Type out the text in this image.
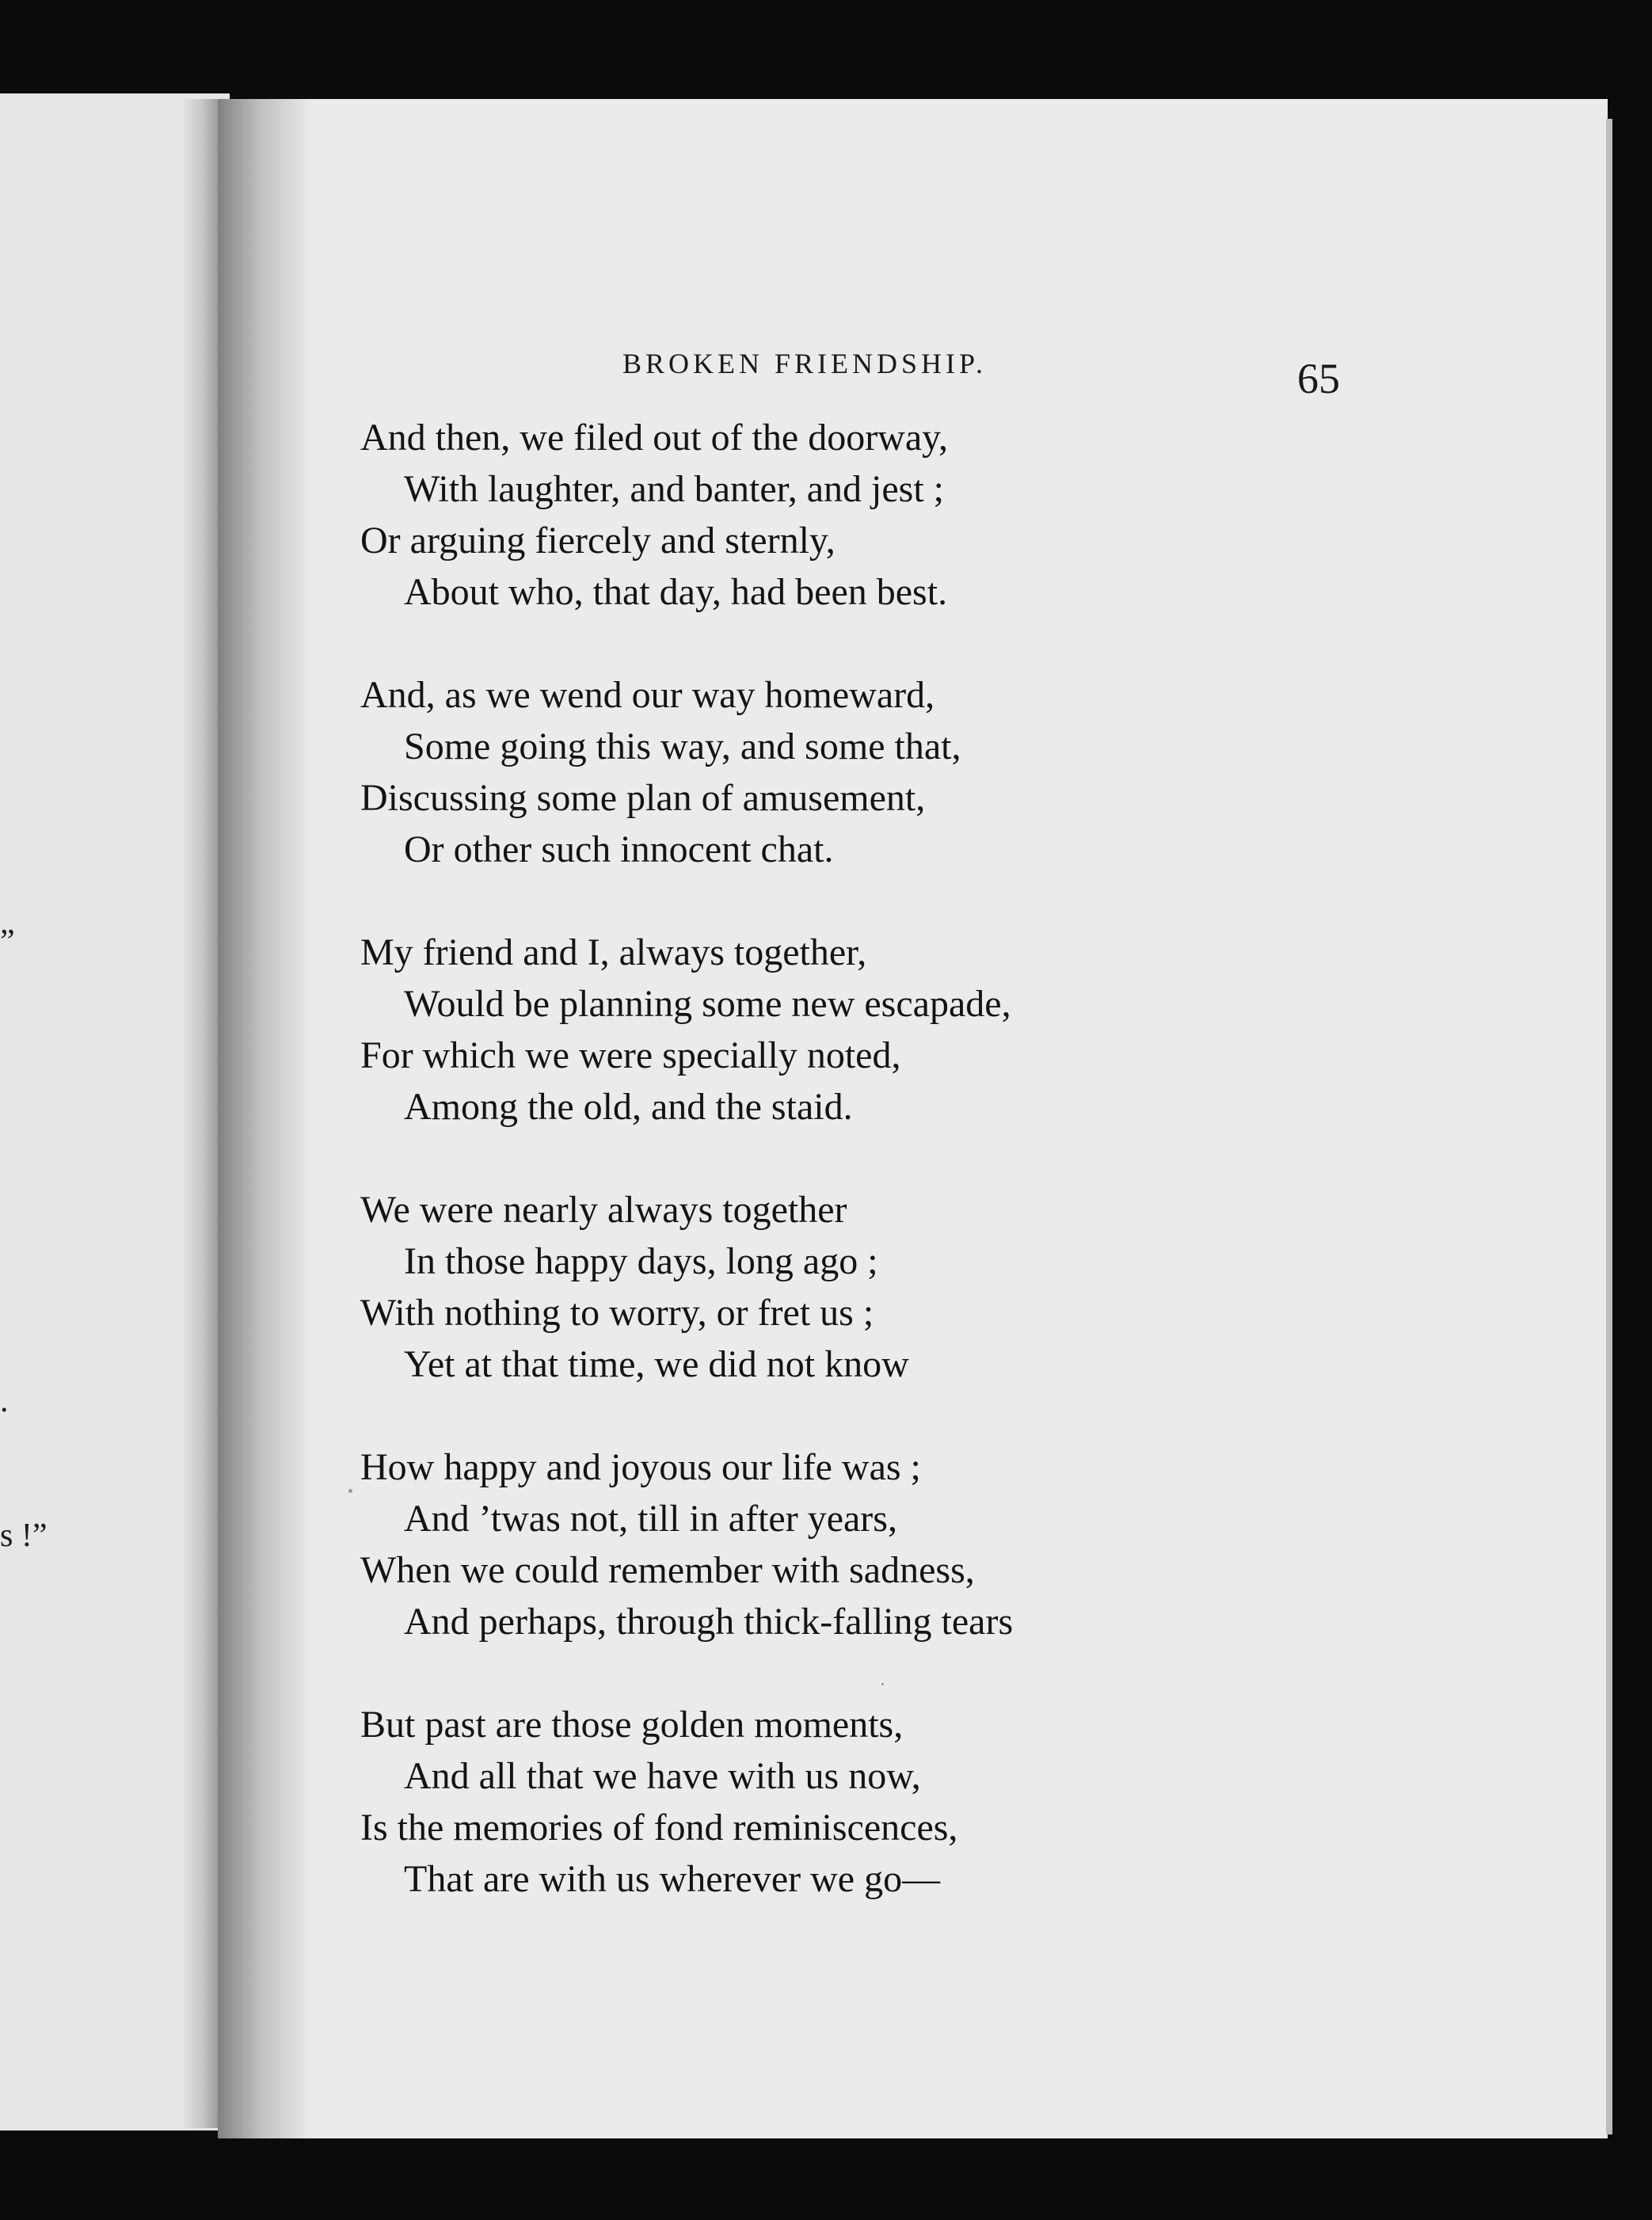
”
.
s !”
BROKEN FRIENDSHIP.	65
And then, we filed out of the doorway,
With laughter, and banter, and jest ;
Or arguing fiercely and sternly,
About who, that day, had been best.
And, as we wend our way homeward,
Some going this way, and some that,
Discussing some plan of amusement,
Or other such innocent chat.
My friend and I, always together,
Would be planning some new escapade,
For which we were specially noted,
Among the old, and the staid.
We were nearly always together
In those happy days, long ago ;
With nothing to worry, or fret us ;
Yet at that time, we did not know
How happy and joyous our life was ;
And ’twas not, till in after years,
When we could remember with sadness,
And perhaps, through thick-falling tears
But past are those golden moments,
And all that we have with us now,
Is the memories of fond reminiscences,
That are with us wherever we go—
